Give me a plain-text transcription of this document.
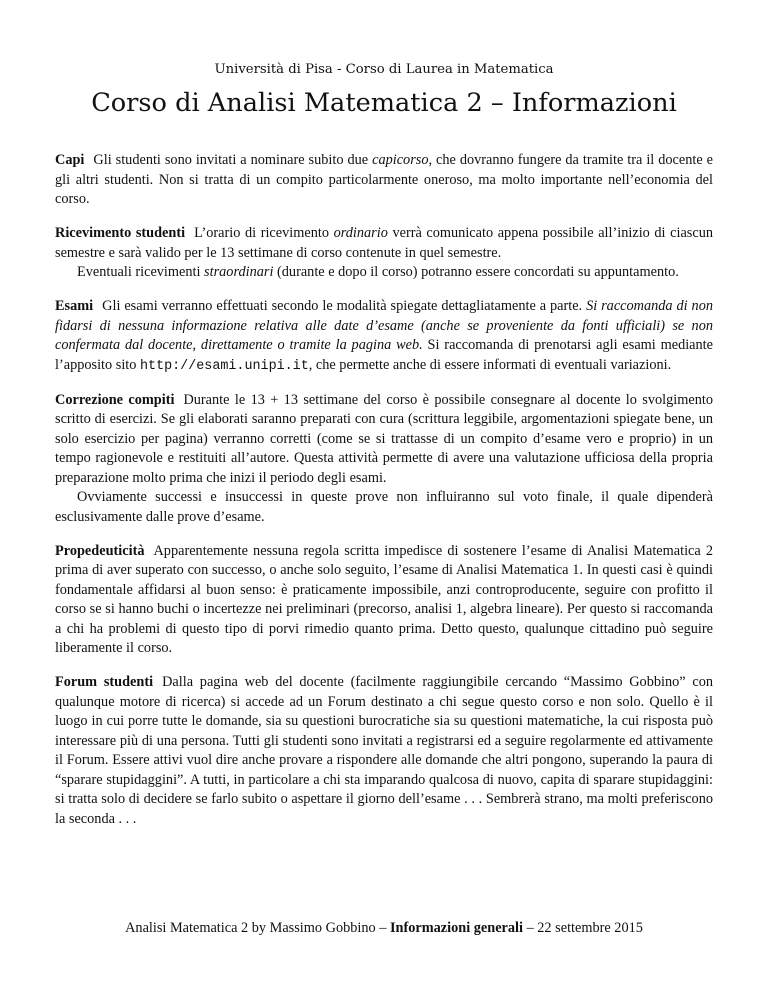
Università di Pisa - Corso di Laurea in Matematica
Corso di Analisi Matematica 2 – Informazioni

Capi Gli studenti sono invitati a nominare subito due capicorso, che dovranno fungere da tramite tra il docente e gli altri studenti. Non si tratta di un compito particolarmente oneroso, ma molto importante nell’economia del corso.

Ricevimento studenti L’orario di ricevimento ordinario verrà comunicato appena possibile all’inizio di ciascun semestre e sarà valido per le 13 settimane di corso contenute in quel semestre.

Eventuali ricevimenti straordinari (durante e dopo il corso) potranno essere concordati su appuntamento.

Esami Gli esami verranno effettuati secondo le modalità spiegate dettagliatamente a parte. Si raccomanda di non fidarsi di nessuna informazione relativa alle date d’esame (anche se proveniente da fonti ufficiali) se non confermata dal docente, direttamente o tramite la pagina web. Si raccomanda di prenotarsi agli esami mediante l’apposito sito http://esami.unipi.it, che permette anche di essere informati di eventuali variazioni.

Correzione compiti Durante le 13 + 13 settimane del corso è possibile consegnare al docente lo svolgimento scritto di esercizi. Se gli elaborati saranno preparati con cura (scrittura leggibile, argomentazioni spiegate bene, un solo esercizio per pagina) verranno corretti (come se si trattasse di un compito d’esame vero e proprio) in un tempo ragionevole e restituiti all’autore. Questa attività permette di avere una valutazione ufficiosa della propria preparazione molto prima che inizi il periodo degli esami.

Ovviamente successi e insuccessi in queste prove non influiranno sul voto finale, il quale dipenderà esclusivamente dalle prove d’esame.

Propedeuticità Apparentemente nessuna regola scritta impedisce di sostenere l’esame di Analisi Matematica 2 prima di aver superato con successo, o anche solo seguito, l’esame di Analisi Matematica 1. In questi casi è quindi fondamentale affidarsi al buon senso: è praticamente impossibile, anzi controproducente, seguire con profitto il corso se si hanno buchi o incertezze nei preliminari (precorso, analisi 1, algebra lineare). Per questo si raccomanda a chi ha problemi di questo tipo di porvi rimedio quanto prima. Detto questo, qualunque cittadino può seguire liberamente il corso.

Forum studenti Dalla pagina web del docente (facilmente raggiungibile cercando “Massimo Gobbino” con qualunque motore di ricerca) si accede ad un Forum destinato a chi segue questo corso e non solo. Quello è il luogo in cui porre tutte le domande, sia su questioni burocratiche sia su questioni matematiche, la cui risposta può interessare più di una persona. Tutti gli studenti sono invitati a registrarsi ed a seguire regolarmente ed attivamente il Forum. Essere attivi vuol dire anche provare a rispondere alle domande che altri pongono, superando la paura di “sparare stupidaggini”. A tutti, in particolare a chi sta imparando qualcosa di nuovo, capita di sparare stupidaggini: si tratta solo di decidere se farlo subito o aspettare il giorno dell’esame . . . Sembrerà strano, ma molti preferiscono la seconda . . .

Analisi Matematica 2 by Massimo Gobbino – Informazioni generali – 22 settembre 2015
